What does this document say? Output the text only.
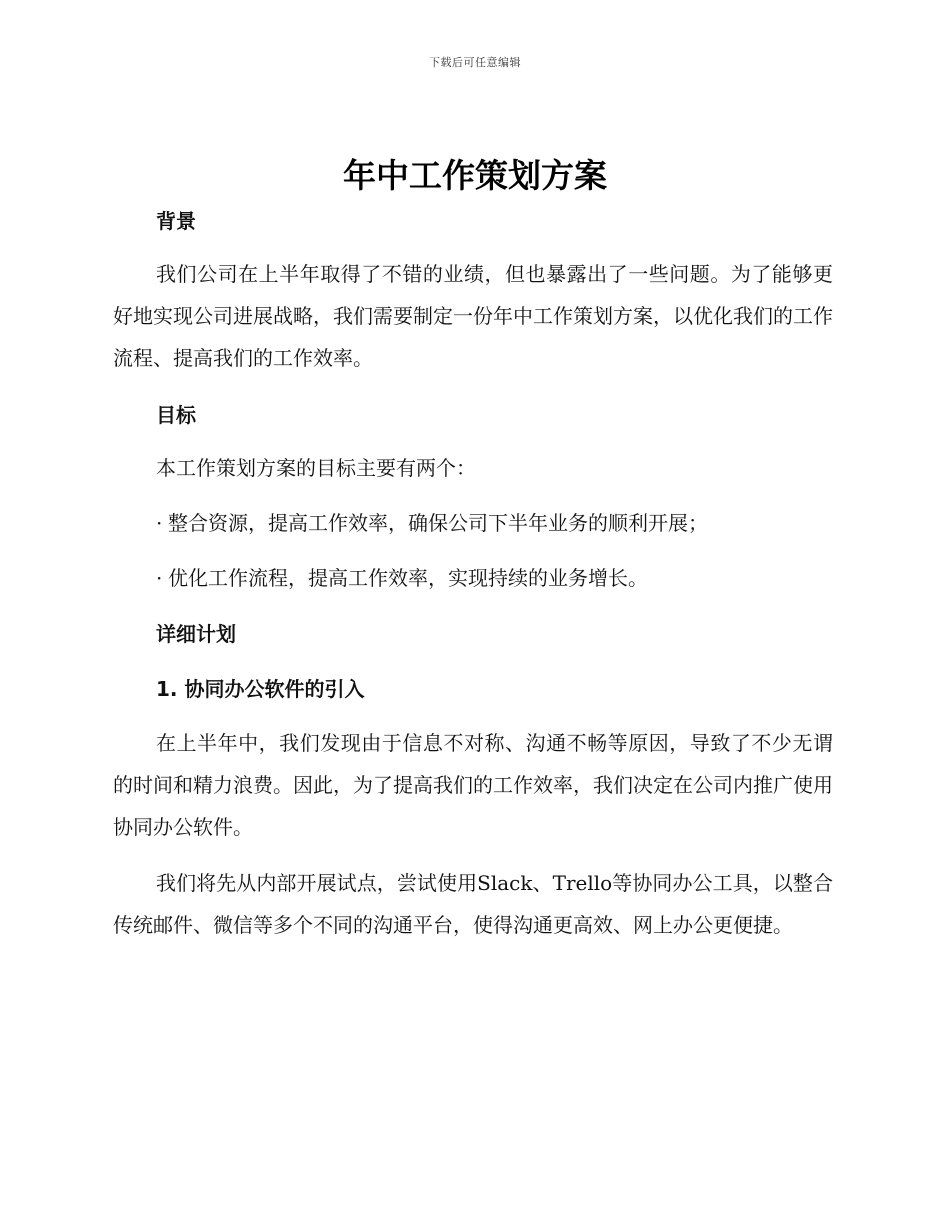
下载后可任意编辑
年中工作策划方案

背景

我们公司在上半年取得了不错的业绩，但也暴露出了一些问题。为了能够更好地实现公司进展战略，我们需要制定一份年中工作策划方案，以优化我们的工作流程、提高我们的工作效率。

目标

本工作策划方案的目标主要有两个：

· 整合资源，提高工作效率，确保公司下半年业务的顺利开展；

· 优化工作流程，提高工作效率，实现持续的业务增长。

详细计划

1. 协同办公软件的引入

在上半年中，我们发现由于信息不对称、沟通不畅等原因，导致了不少无谓的时间和精力浪费。因此，为了提高我们的工作效率，我们决定在公司内推广使用协同办公软件。

我们将先从内部开展试点，尝试使用Slack、Trello等协同办公工具，以整合传统邮件、微信等多个不同的沟通平台，使得沟通更高效、网上办公更便捷。
